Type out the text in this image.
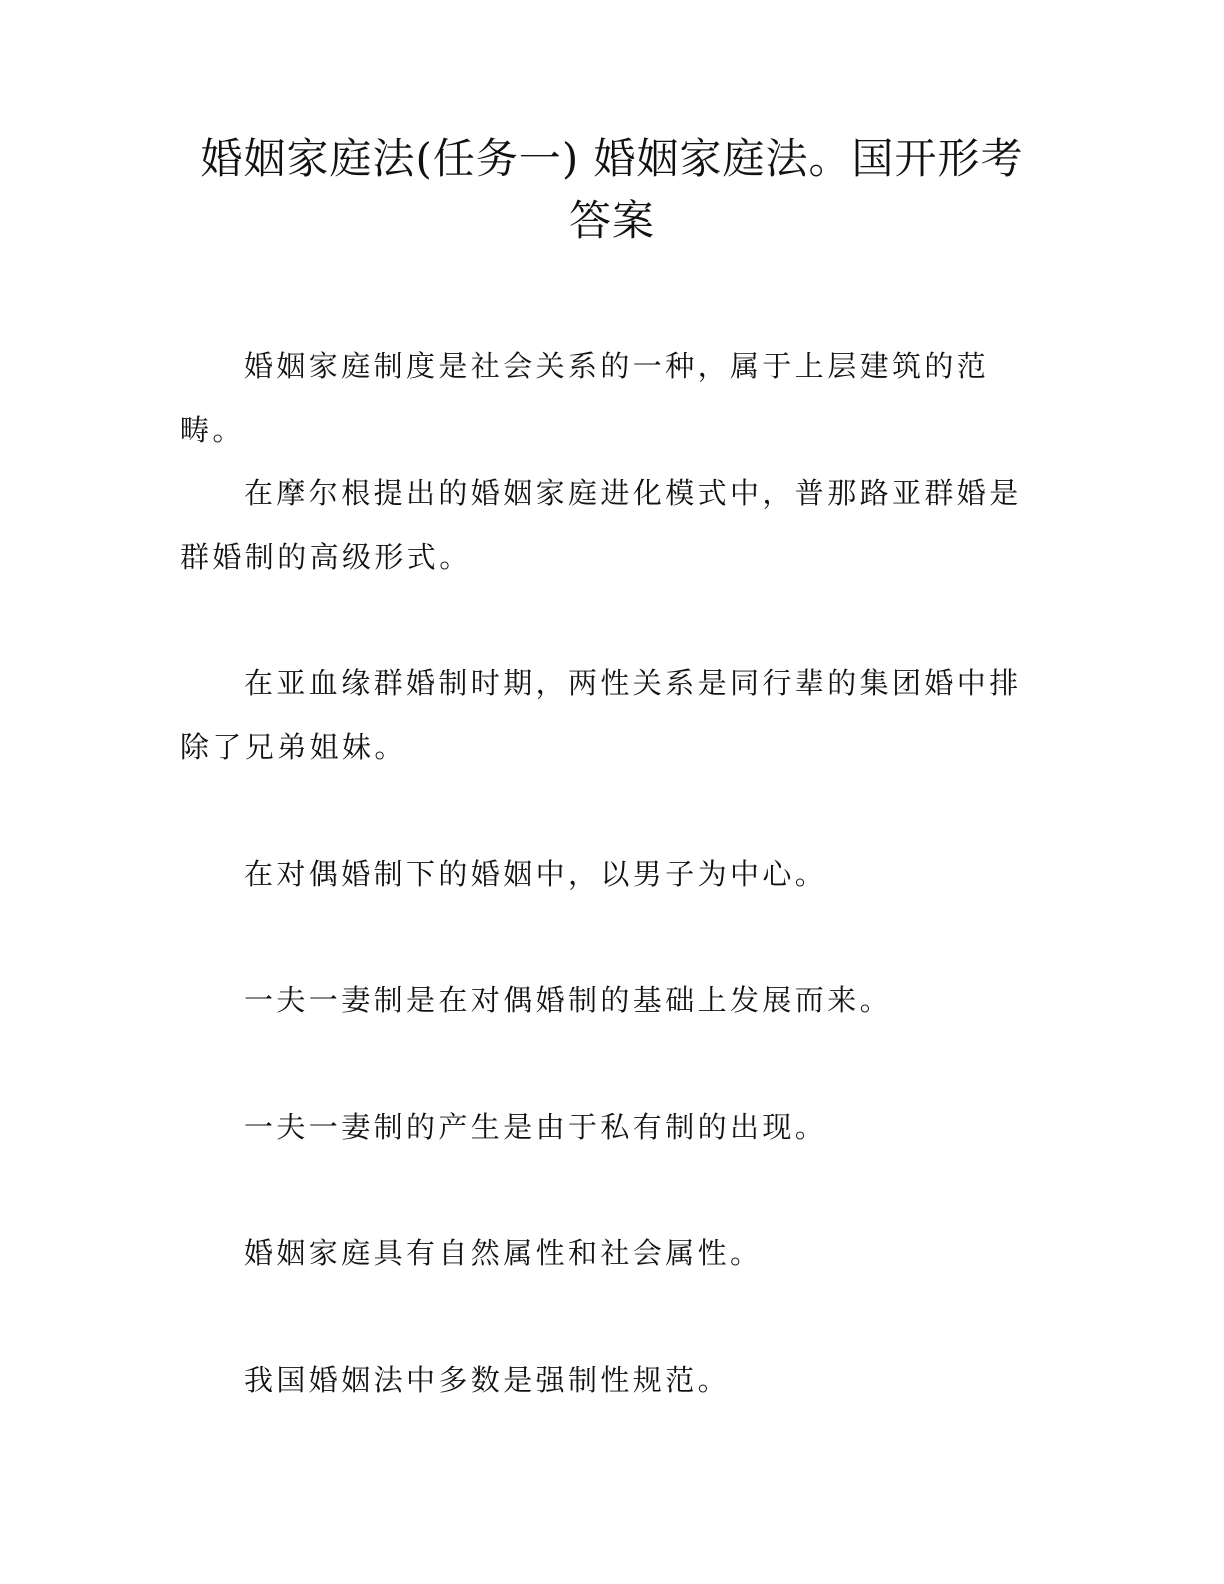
婚姻家庭法(任务一) 婚姻家庭法。国开形考答案

婚姻家庭制度是社会关系的一种，属于上层建筑的范畴。

在摩尔根提出的婚姻家庭进化模式中，普那路亚群婚是群婚制的高级形式。

在亚血缘群婚制时期，两性关系是同行辈的集团婚中排除了兄弟姐妹。

在对偶婚制下的婚姻中，以男子为中心。

一夫一妻制是在对偶婚制的基础上发展而来。

一夫一妻制的产生是由于私有制的出现。

婚姻家庭具有自然属性和社会属性。

我国婚姻法中多数是强制性规范。
